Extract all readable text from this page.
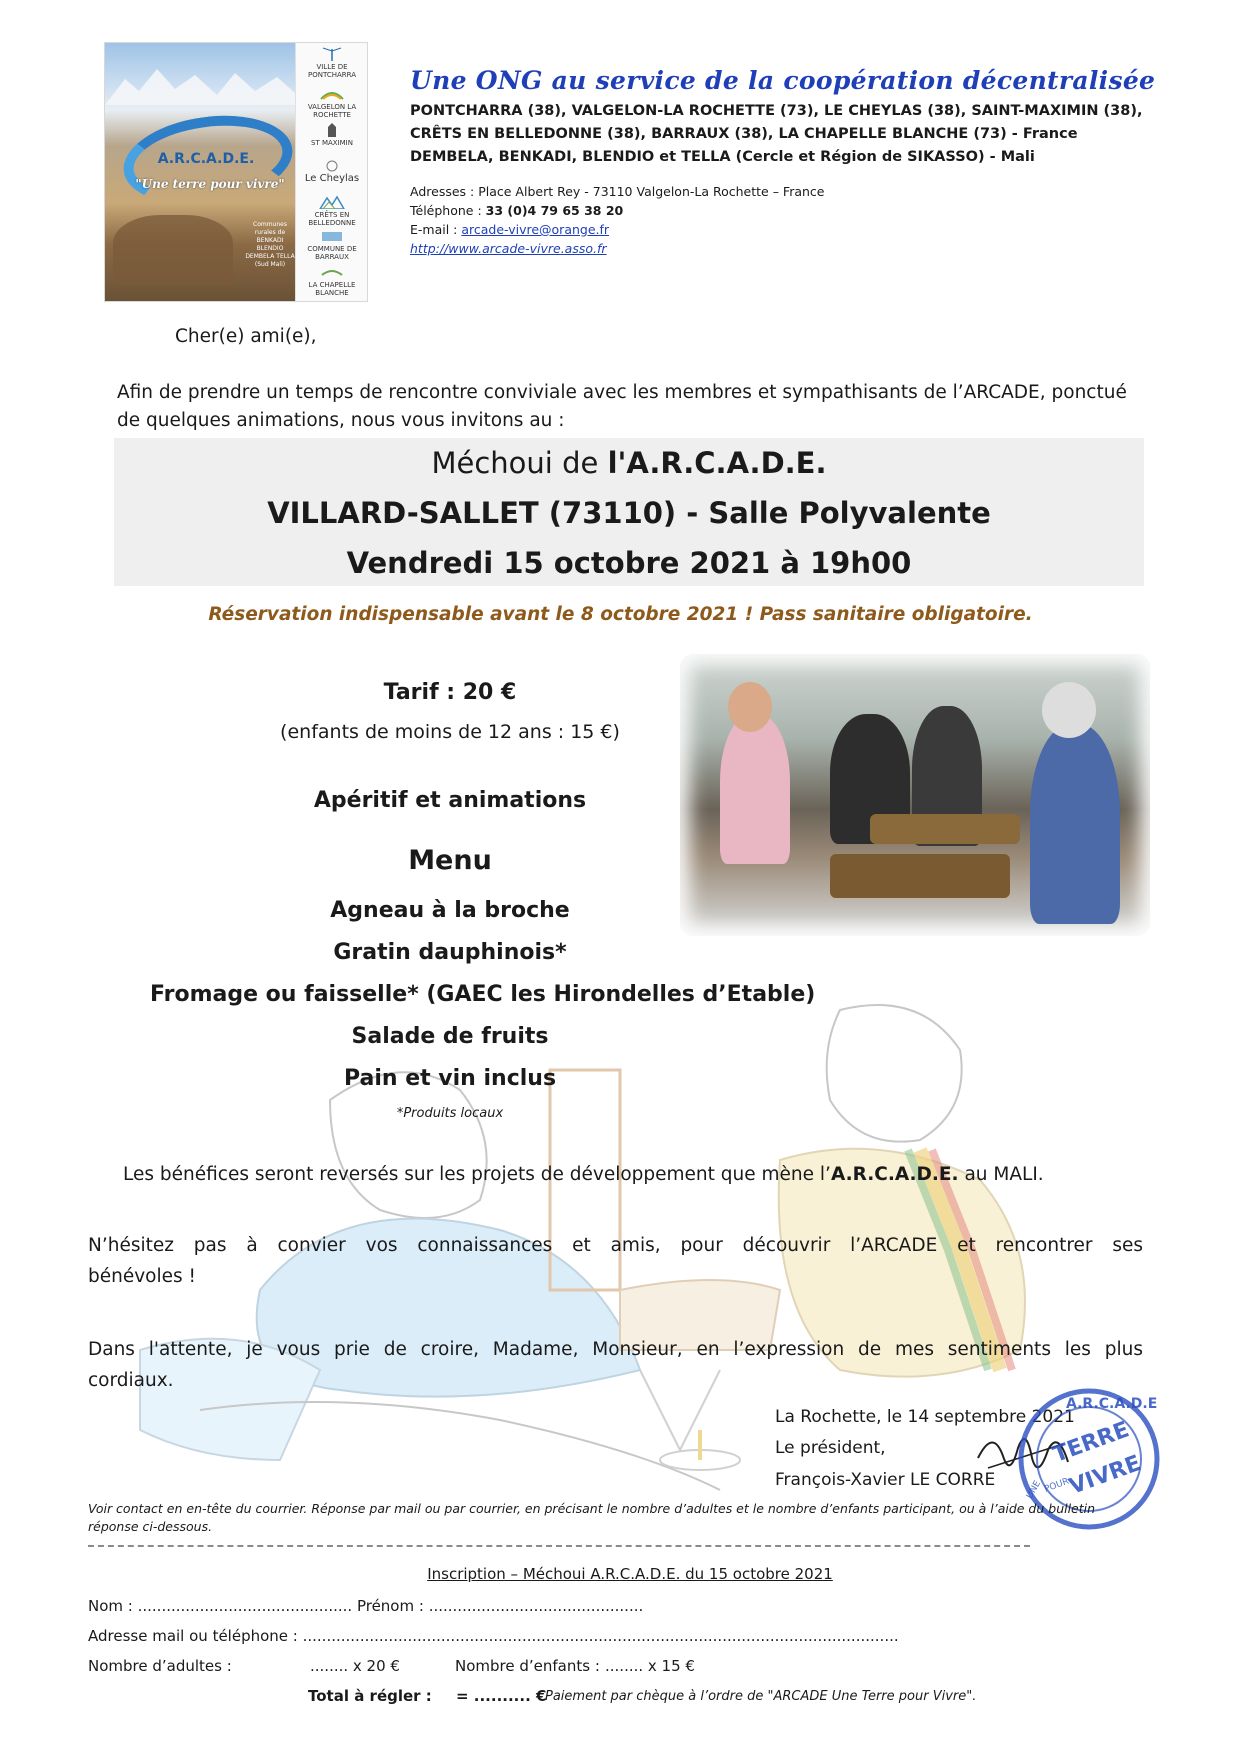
A.R.C.A.D.E.
"Une terre pour vivre"
Communes rurales de BENKADI BLENDIO DEMBELA TELLA (Sud Mali)
VILLE DE PONTCHARRA
VALGELON LA ROCHETTE
ST MAXIMIN
Le Cheylas
CRÊTS EN BELLEDONNE
COMMUNE DE BARRAUX
LA CHAPELLE BLANCHE
Une ONG au service de la coopération décentralisée
PONTCHARRA (38), VALGELON-LA ROCHETTE (73), LE CHEYLAS (38), SAINT-MAXIMIN (38),
CRÊTS EN BELLEDONNE (38), BARRAUX (38), LA CHAPELLE BLANCHE (73) - France
DEMBELA, BENKADI, BLENDIO et TELLA (Cercle et Région de SIKASSO) - Mali
Adresses : Place Albert Rey - 73110 Valgelon-La Rochette – France
Téléphone : 33 (0)4 79 65 38 20
E-mail : arcade-vivre@orange.fr
http://www.arcade-vivre.asso.fr
Cher(e) ami(e),
Afin de prendre un temps de rencontre conviviale avec les membres et sympathisants de l’ARCADE, ponctué
de quelques animations, nous vous invitons au :
Méchoui de l'A.R.C.A.D.E.
VILLARD-SALLET (73110) - Salle Polyvalente
Vendredi 15 octobre 2021 à 19h00
Réservation indispensable avant le 8 octobre 2021 ! Pass sanitaire obligatoire.
Tarif : 20 €
(enfants de moins de 12 ans : 15 €)
Apéritif et animations
Menu
Agneau à la broche
Gratin dauphinois*
Fromage ou faisselle* (GAEC les Hirondelles d’Etable)
Salade de fruits
Pain et vin inclus
*Produits locaux
Les bénéfices seront reversés sur les projets de développement que mène l’A.R.C.A.D.E. au MALI.
N’hésitez pas à convier vos connaissances et amis, pour découvrir l’ARCADE et rencontrer ses
bénévoles !
Dans l'attente, je vous prie de croire, Madame, Monsieur, en l’expression de mes sentiments les plus
cordiaux.
La Rochette, le 14 septembre 2021
Le président,
François-Xavier LE CORRE
A.R.C.A.D.E
TERRE
VIVRE
POUR
UNE
Voir contact en en-tête du courrier. Réponse par mail ou par courrier, en précisant le nombre d’adultes et le nombre d’enfants participant, ou à l’aide du bulletin
réponse ci-dessous.
Inscription – Méchoui A.R.C.A.D.E. du 15 octobre 2021
Nom : ............................................. Prénom : .............................................
Adresse mail ou téléphone : .............................................................................................................................
Nombre d’adultes :	........ x 20 €	Nombre d’enfants : ........ x 15 €
Total à régler : = .......... €
Paiement par chèque à l’ordre de "ARCADE Une Terre pour Vivre".
